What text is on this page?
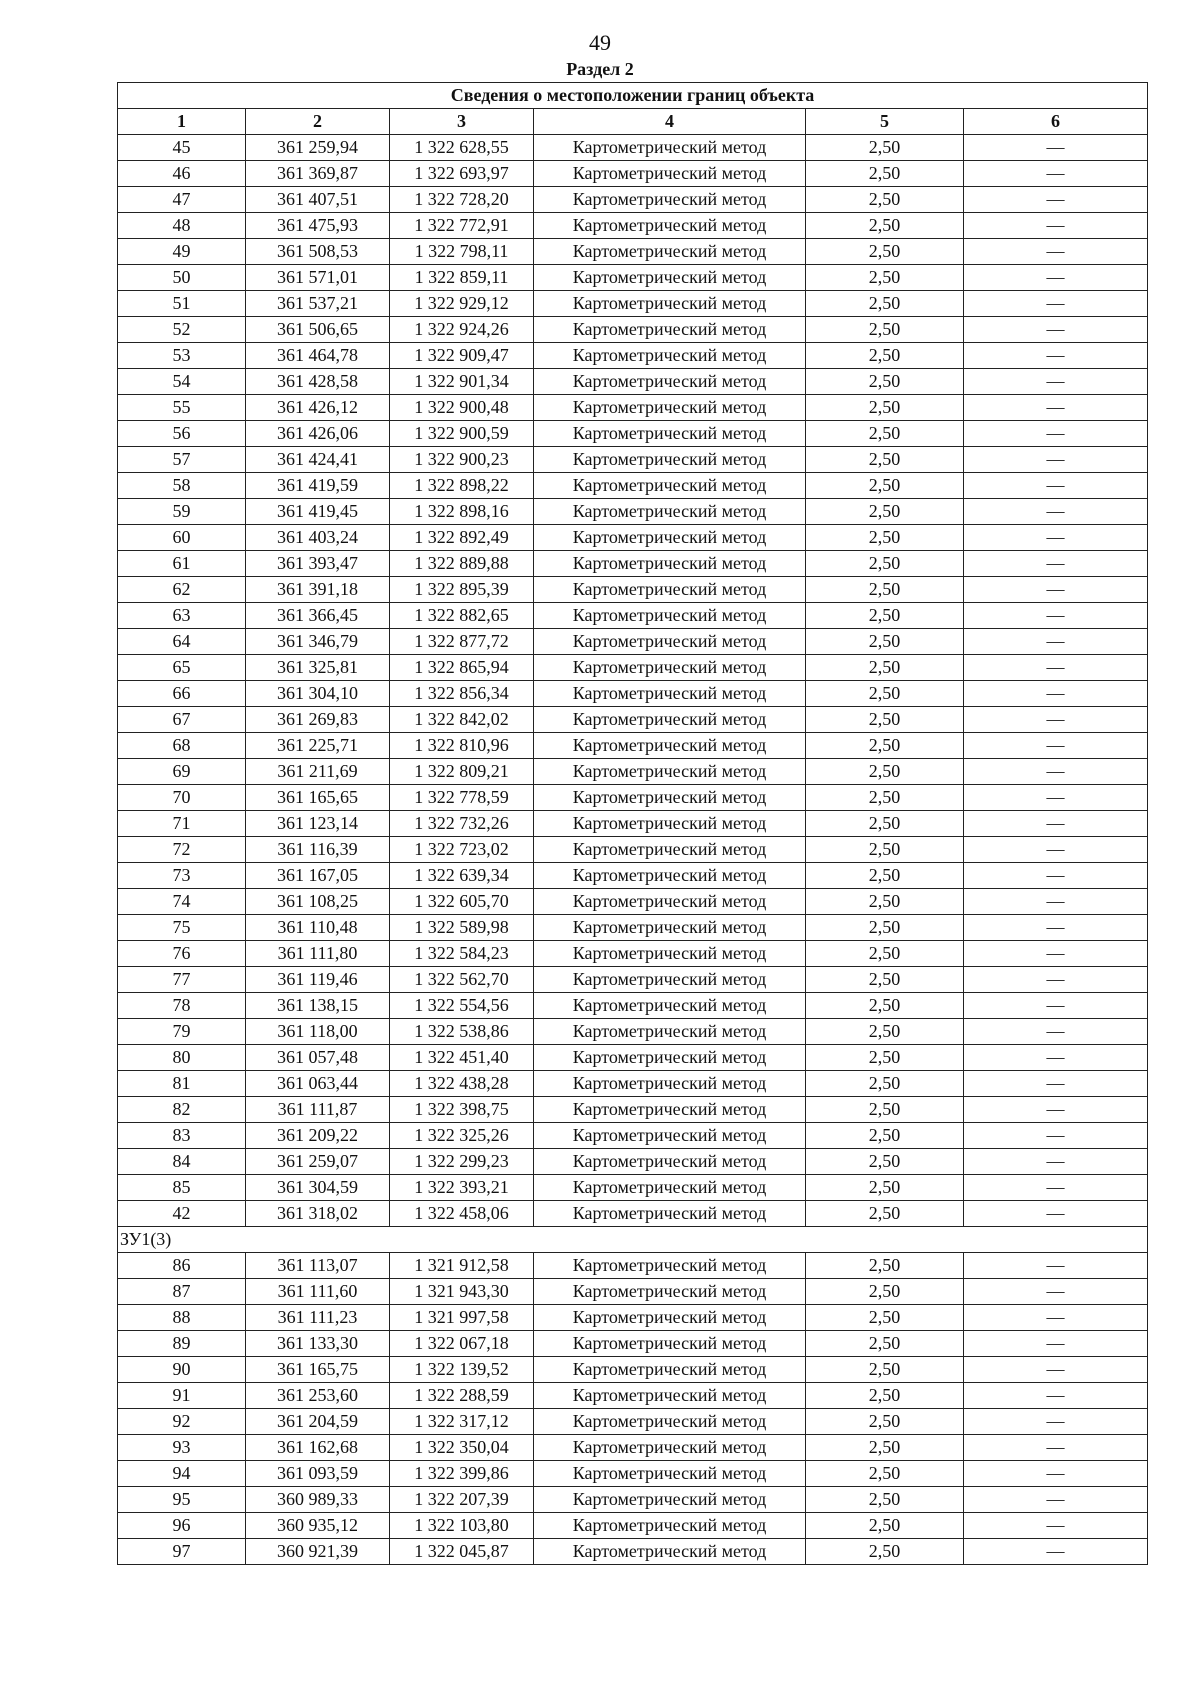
49
Раздел 2
Сведения о местоположении границ объекта					
1	2	3	4	5	6
45	361 259,94	1 322 628,55	Картометрический метод	2,50	—
46	361 369,87	1 322 693,97	Картометрический метод	2,50	—
47	361 407,51	1 322 728,20	Картометрический метод	2,50	—
48	361 475,93	1 322 772,91	Картометрический метод	2,50	—
49	361 508,53	1 322 798,11	Картометрический метод	2,50	—
50	361 571,01	1 322 859,11	Картометрический метод	2,50	—
51	361 537,21	1 322 929,12	Картометрический метод	2,50	—
52	361 506,65	1 322 924,26	Картометрический метод	2,50	—
53	361 464,78	1 322 909,47	Картометрический метод	2,50	—
54	361 428,58	1 322 901,34	Картометрический метод	2,50	—
55	361 426,12	1 322 900,48	Картометрический метод	2,50	—
56	361 426,06	1 322 900,59	Картометрический метод	2,50	—
57	361 424,41	1 322 900,23	Картометрический метод	2,50	—
58	361 419,59	1 322 898,22	Картометрический метод	2,50	—
59	361 419,45	1 322 898,16	Картометрический метод	2,50	—
60	361 403,24	1 322 892,49	Картометрический метод	2,50	—
61	361 393,47	1 322 889,88	Картометрический метод	2,50	—
62	361 391,18	1 322 895,39	Картометрический метод	2,50	—
63	361 366,45	1 322 882,65	Картометрический метод	2,50	—
64	361 346,79	1 322 877,72	Картометрический метод	2,50	—
65	361 325,81	1 322 865,94	Картометрический метод	2,50	—
66	361 304,10	1 322 856,34	Картометрический метод	2,50	—
67	361 269,83	1 322 842,02	Картометрический метод	2,50	—
68	361 225,71	1 322 810,96	Картометрический метод	2,50	—
69	361 211,69	1 322 809,21	Картометрический метод	2,50	—
70	361 165,65	1 322 778,59	Картометрический метод	2,50	—
71	361 123,14	1 322 732,26	Картометрический метод	2,50	—
72	361 116,39	1 322 723,02	Картометрический метод	2,50	—
73	361 167,05	1 322 639,34	Картометрический метод	2,50	—
74	361 108,25	1 322 605,70	Картометрический метод	2,50	—
75	361 110,48	1 322 589,98	Картометрический метод	2,50	—
76	361 111,80	1 322 584,23	Картометрический метод	2,50	—
77	361 119,46	1 322 562,70	Картометрический метод	2,50	—
78	361 138,15	1 322 554,56	Картометрический метод	2,50	—
79	361 118,00	1 322 538,86	Картометрический метод	2,50	—
80	361 057,48	1 322 451,40	Картометрический метод	2,50	—
81	361 063,44	1 322 438,28	Картометрический метод	2,50	—
82	361 111,87	1 322 398,75	Картометрический метод	2,50	—
83	361 209,22	1 322 325,26	Картометрический метод	2,50	—
84	361 259,07	1 322 299,23	Картометрический метод	2,50	—
85	361 304,59	1 322 393,21	Картометрический метод	2,50	—
42	361 318,02	1 322 458,06	Картометрический метод	2,50	—
ЗУ1(3)					
86	361 113,07	1 321 912,58	Картометрический метод	2,50	—
87	361 111,60	1 321 943,30	Картометрический метод	2,50	—
88	361 111,23	1 321 997,58	Картометрический метод	2,50	—
89	361 133,30	1 322 067,18	Картометрический метод	2,50	—
90	361 165,75	1 322 139,52	Картометрический метод	2,50	—
91	361 253,60	1 322 288,59	Картометрический метод	2,50	—
92	361 204,59	1 322 317,12	Картометрический метод	2,50	—
93	361 162,68	1 322 350,04	Картометрический метод	2,50	—
94	361 093,59	1 322 399,86	Картометрический метод	2,50	—
95	360 989,33	1 322 207,39	Картометрический метод	2,50	—
96	360 935,12	1 322 103,80	Картометрический метод	2,50	—
97	360 921,39	1 322 045,87	Картометрический метод	2,50	—
